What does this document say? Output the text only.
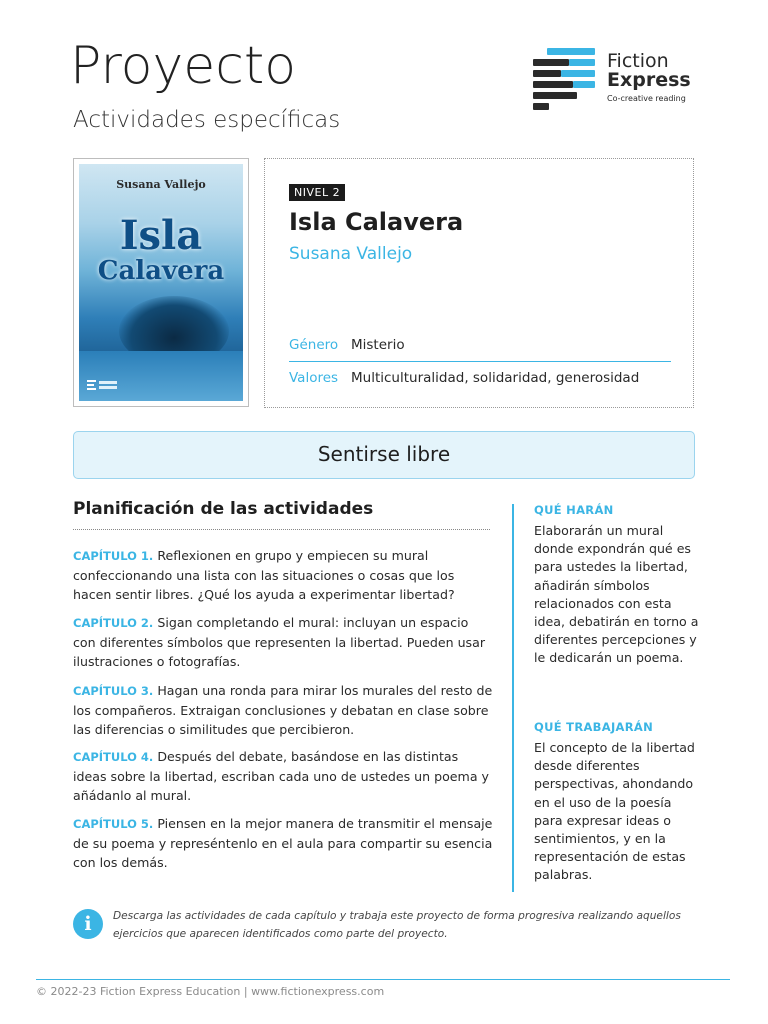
Proyecto
Actividades específicas
Fiction
Express
Co-creative reading
Susana Vallejo
Isla
Calavera
NIVEL 2
Isla Calavera
Susana Vallejo
Género Misterio
Valores Multiculturalidad, solidaridad, generosidad
Sentirse libre
Planificación de las actividades
CAPÍTULO 1. Reflexionen en grupo y empiecen su mural confeccionando una lista con las situaciones o cosas que los hacen sentir libres. ¿Qué los ayuda a experimentar libertad?
CAPÍTULO 2. Sigan completando el mural: incluyan un espacio con diferentes símbolos que representen la libertad. Pueden usar ilustraciones o fotografías.
CAPÍTULO 3. Hagan una ronda para mirar los murales del resto de los compañeros. Extraigan conclusiones y debatan en clase sobre las diferencias o similitudes que percibieron.
CAPÍTULO 4. Después del debate, basándose en las distintas ideas sobre la libertad, escriban cada uno de ustedes un poema y añádanlo al mural.
CAPÍTULO 5. Piensen en la mejor manera de transmitir el mensaje de su poema y represéntenlo en el aula para compartir su esencia con los demás.
QUÉ HARÁN
Elaborarán un mural donde expondrán qué es para ustedes la libertad, añadirán símbolos relacionados con esta idea, debatirán en torno a diferentes percepciones y le dedicarán un poema.
QUÉ TRABAJARÁN
El concepto de la libertad desde diferentes perspectivas, ahondando en el uso de la poesía para expresar ideas o sentimientos, y en la representación de estas palabras.
i	Descarga las actividades de cada capítulo y trabaja este proyecto de forma progresiva realizando aquellos ejercicios que aparecen identificados como parte del proyecto.
© 2022-23 Fiction Express Education | www.fictionexpress.com
